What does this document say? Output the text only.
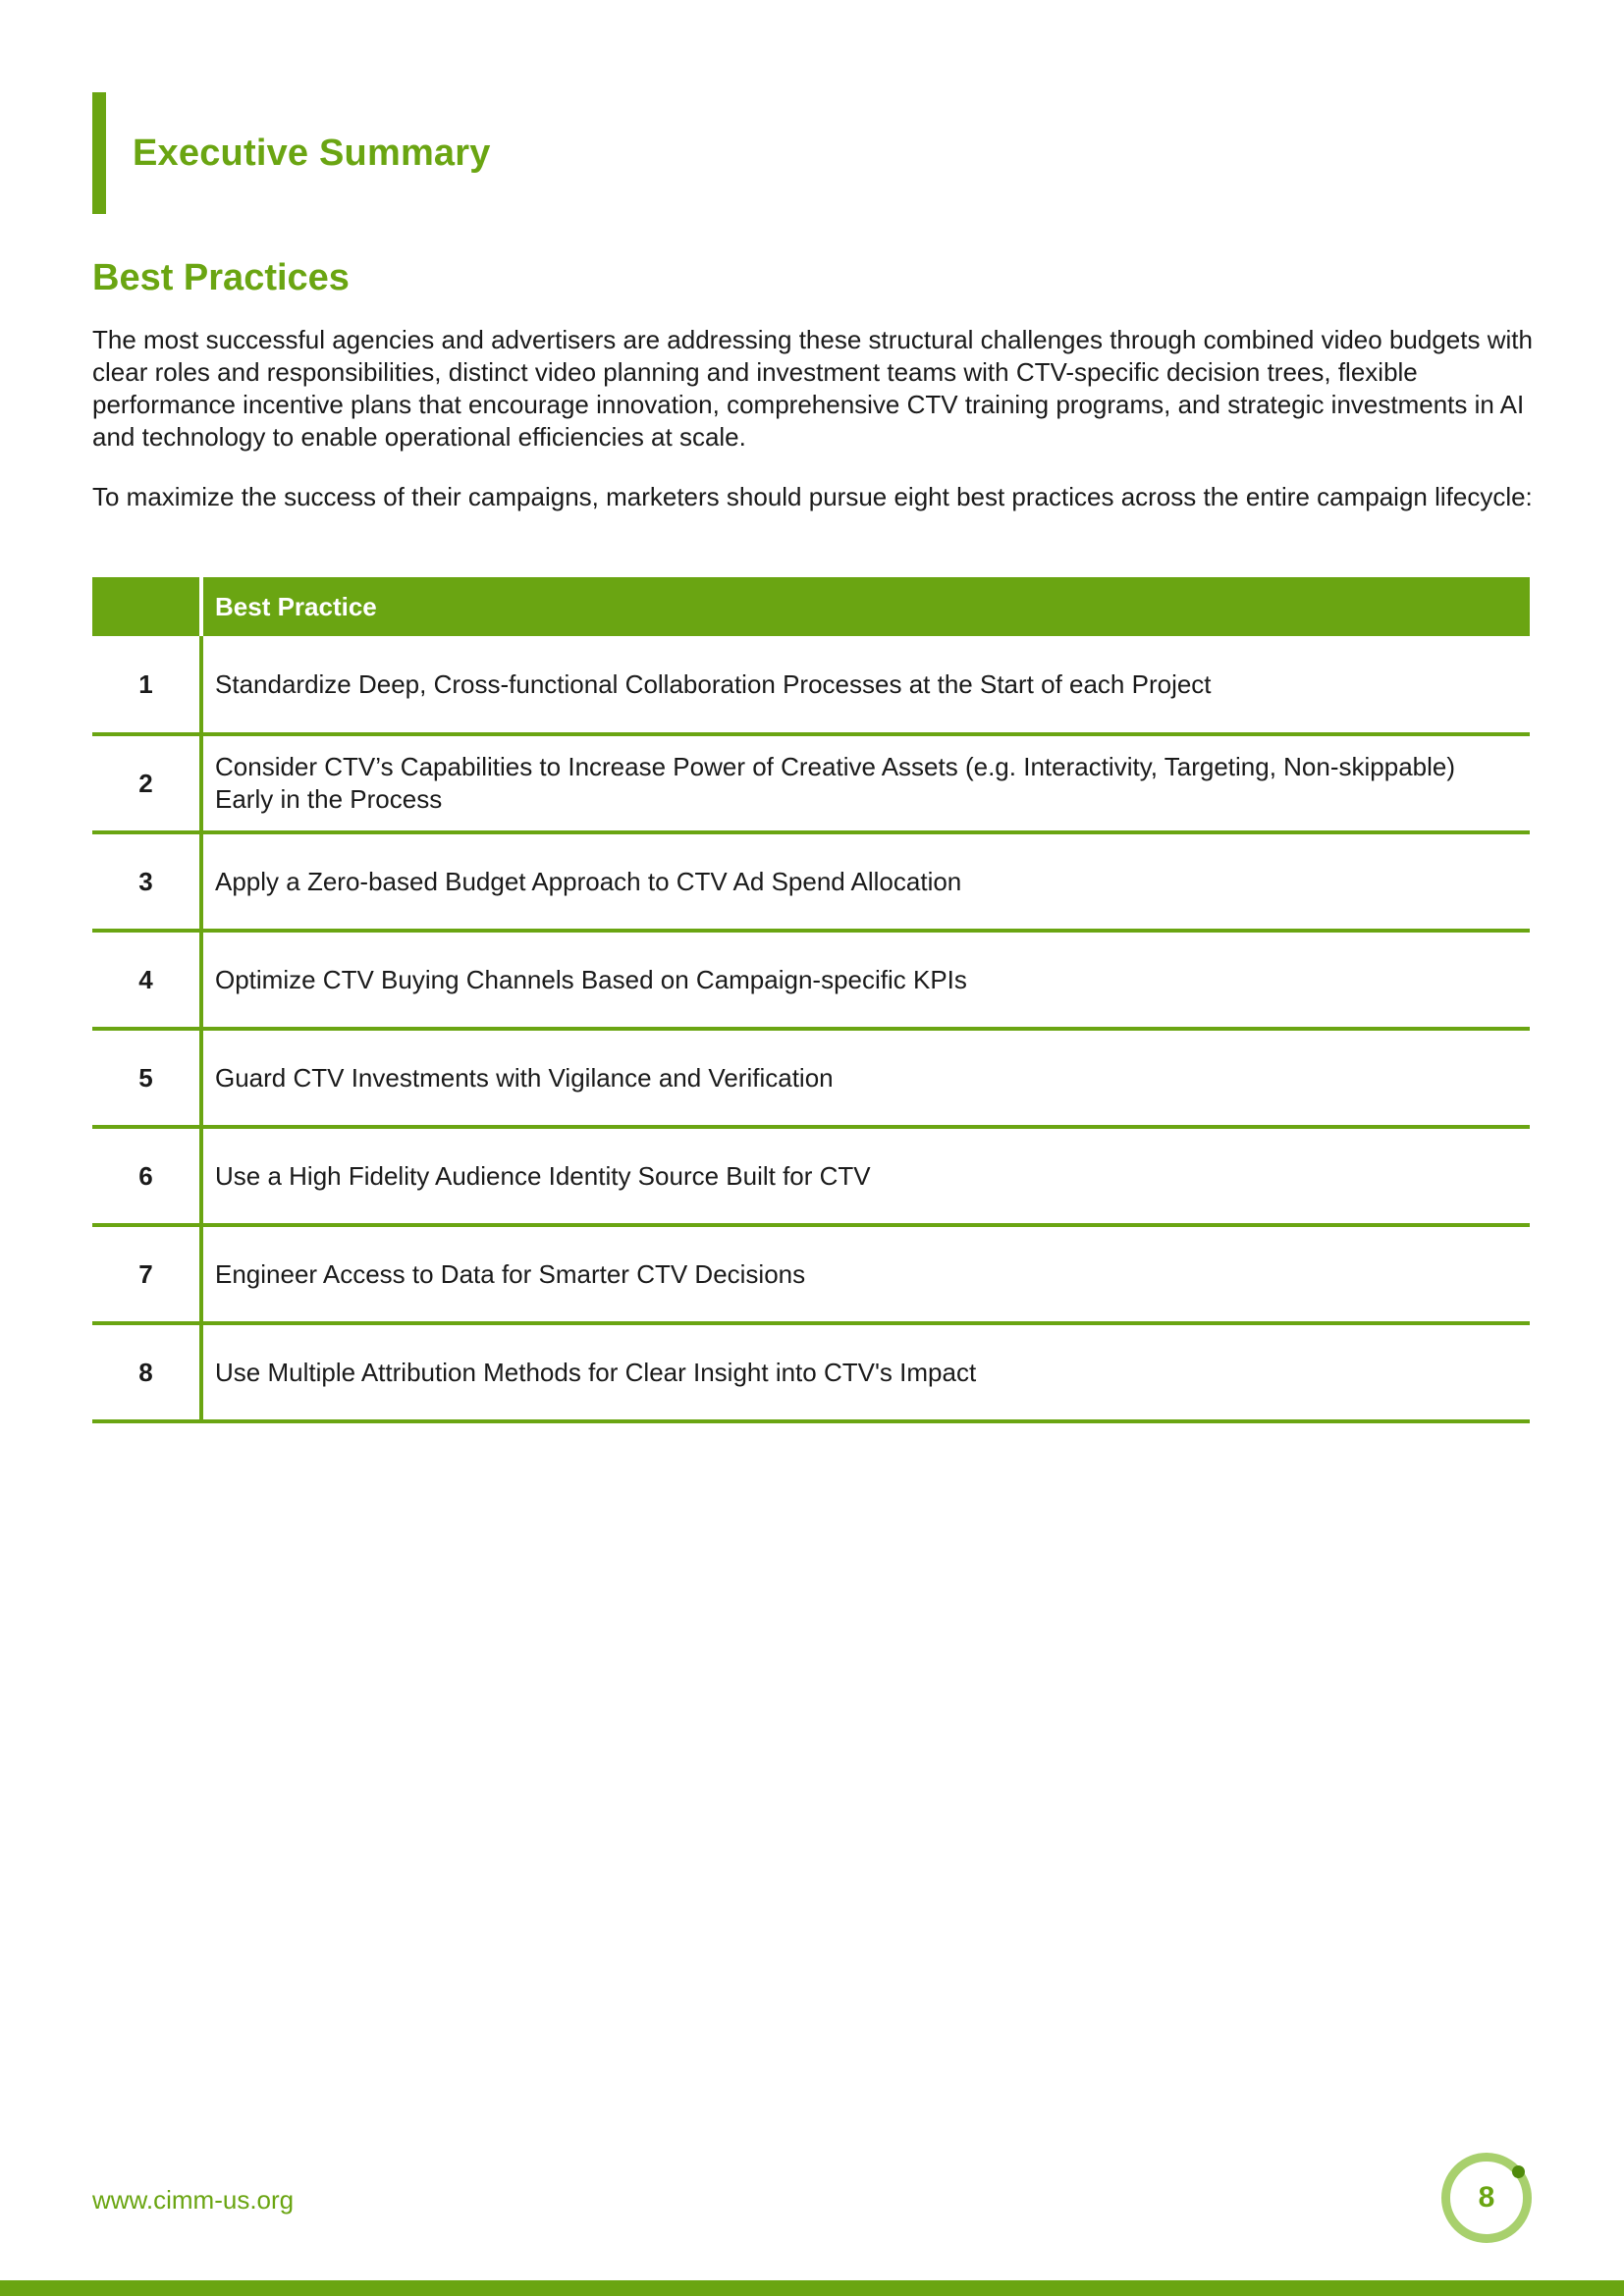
Executive Summary
Best Practices

The most successful agencies and advertisers are addressing these structural challenges through combined video budgets with clear roles and responsibilities, distinct video planning and investment teams with CTV-specific decision trees, flexible performance incentive plans that encourage innovation, comprehensive CTV training programs, and strategic investments in AI and technology to enable operational efficiencies at scale.

To maximize the success of their campaigns, marketers should pursue eight best practices across the entire campaign lifecycle:

	Best Practice
1	Standardize Deep, Cross-functional Collaboration Processes at the Start of each Project
2	Consider CTV’s Capabilities to Increase Power of Creative Assets (e.g. Interactivity, Targeting, Non-skippable) Early in the Process
3	Apply a Zero-based Budget Approach to CTV Ad Spend Allocation
4	Optimize CTV Buying Channels Based on Campaign-specific KPIs
5	Guard CTV Investments with Vigilance and Verification
6	Use a High Fidelity Audience Identity Source Built for CTV
7	Engineer Access to Data for Smarter CTV Decisions
8	Use Multiple Attribution Methods for Clear Insight into CTV's Impact
www.cimm-us.org	8
